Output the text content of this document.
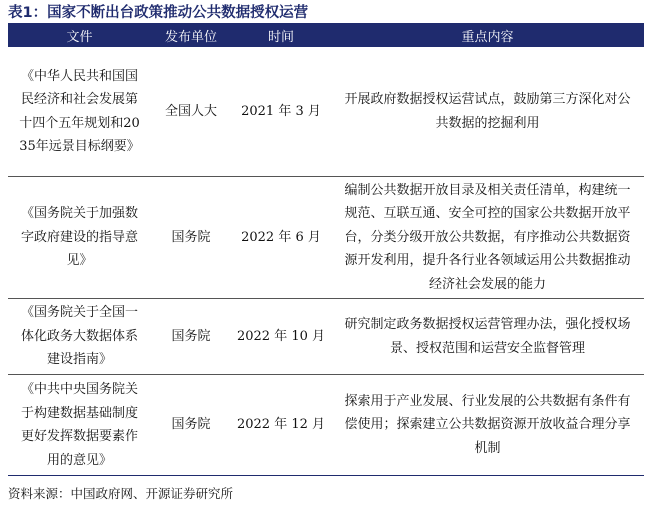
表1：国家不断出台政策推动公共数据授权运营
文件	发布单位	时间	重点内容
《中华人民共和国国民经济和社会发展第十四个五年规划和2035年远景目标纲要》	全国人大	2021 年 3 月	开展政府数据授权运营试点，鼓励第三方深化对公共数据的挖掘利用
《国务院关于加强数字政府建设的指导意见》	国务院	2022 年 6 月	编制公共数据开放目录及相关责任清单，构建统一规范、互联互通、安全可控的国家公共数据开放平台，分类分级开放公共数据，有序推动公共数据资源开发利用，提升各行业各领域运用公共数据推动经济社会发展的能力
《国务院关于全国一体化政务大数据体系建设指南》	国务院	2022 年 10 月	研究制定政务数据授权运营管理办法，强化授权场景、授权范围和运营安全监督管理
《中共中央国务院关于构建数据基础制度更好发挥数据要素作用的意见》	国务院	2022 年 12 月	探索用于产业发展、行业发展的公共数据有条件有偿使用；探索建立公共数据资源开放收益合理分享机制
资料来源：中国政府网、开源证券研究所
